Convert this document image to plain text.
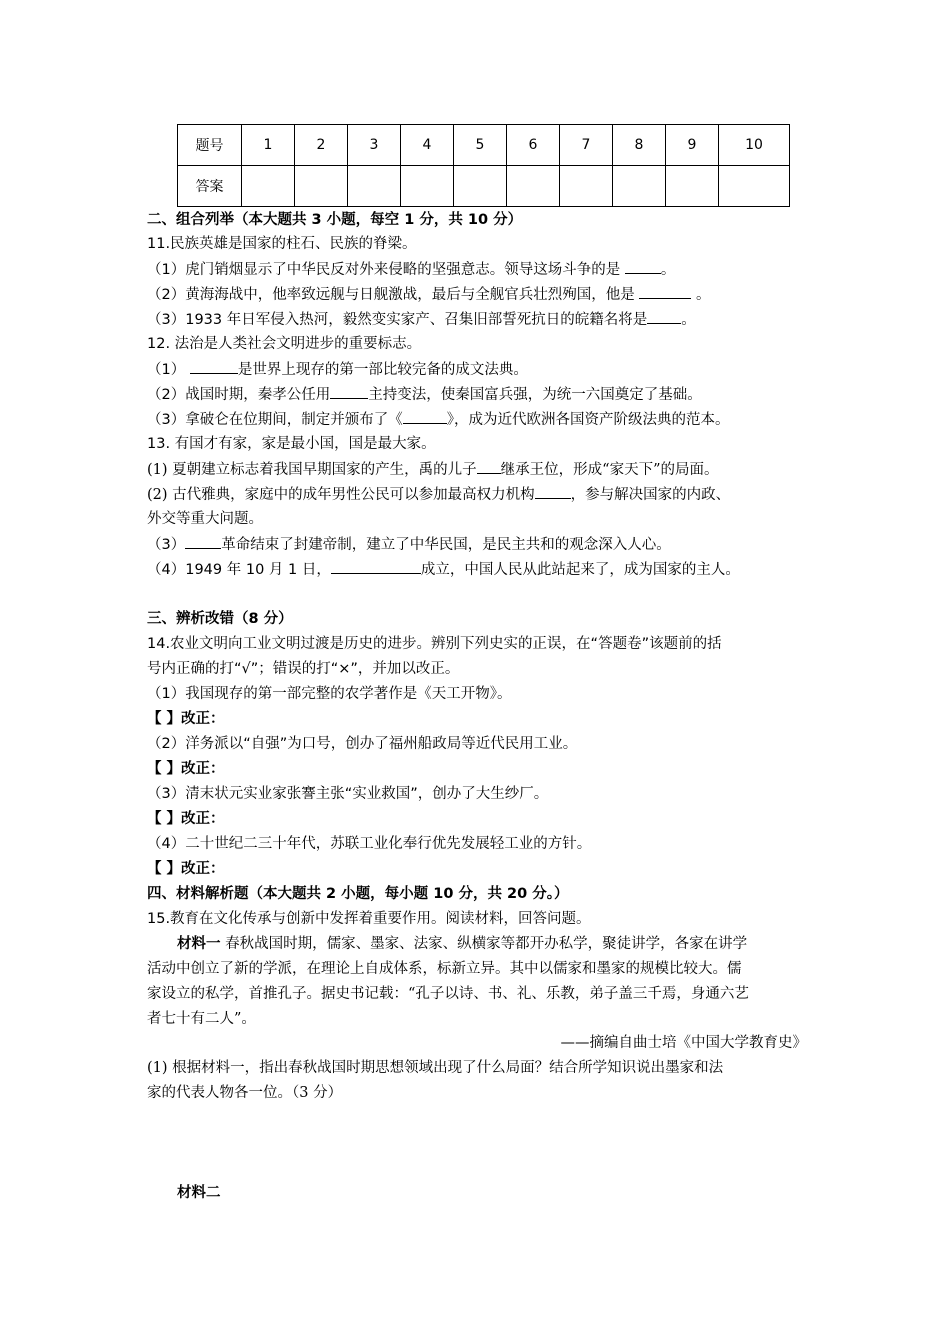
题号	1	2	3	4	5	6	7	8	9	10
答案										
二、组合列举（本大题共 3 小题，每空 1 分，共 10 分）
11.民族英雄是国家的柱石、民族的脊梁。
（1）虎门销烟显示了中华民反对外来侵略的坚强意志。领导这场斗争的是 。
（2）黄海海战中，他率致远舰与日舰激战，最后与全舰官兵壮烈殉国，他是	。
（3）1933 年日军侵入热河，毅然变实家产、召集旧部誓死抗日的皖籍名将是 。
12. 法治是人类社会文明进步的重要标志。
（1）	是世界上现存的第一部比较完备的成文法典。
（2）战国时期，秦孝公任用	主持变法，使秦国富兵强，为统一六国奠定了基础。
（3）拿破仑在位期间，制定并颁布了《	》，成为近代欧洲各国资产阶级法典的范本。
13. 有国才有家，家是最小国，国是最大家。
(1) 夏朝建立标志着我国早期国家的产生，禹的儿子 继承王位，形成“家天下”的局面。
(2) 古代雅典，家庭中的成年男性公民可以参加最高权力机构 ，参与解决国家的内政、
外交等重大问题。
（3） 革命结束了封建帝制，建立了中华民国，是民主共和的观念深入人心。
（4）1949 年 10 月 1 日，	成立，中国人民从此站起来了，成为国家的主人。
三、辨析改错（8 分）
14.农业文明向工业文明过渡是历史的进步。辨别下列史实的正误，在“答题卷”该题前的括
号内正确的打“√”；错误的打“×”，并加以改正。
（1）我国现存的第一部完整的农学著作是《天工开物》。
【 】改正：
（2）洋务派以“自强”为口号，创办了福州船政局等近代民用工业。
【 】改正：
（3）清末状元实业家张謇主张“实业救国”，创办了大生纱厂。
【 】改正：
（4）二十世纪二三十年代，苏联工业化奉行优先发展轻工业的方针。
【 】改正：
四、材料解析题（本大题共 2 小题，每小题 10 分，共 20 分。）
15.教育在文化传承与创新中发挥着重要作用。阅读材料，回答问题。
材料一 春秋战国时期，儒家、墨家、法家、纵横家等都开办私学，聚徒讲学，各家在讲学
活动中创立了新的学派，在理论上自成体系，标新立异。其中以儒家和墨家的规模比较大。儒
家设立的私学，首推孔子。据史书记载：“孔子以诗、书、礼、乐教，弟子盖三千焉，身通六艺
者七十有二人”。
——摘编自曲士培《中国大学教育史》
(1) 根据材料一，指出春秋战国时期思想领域出现了什么局面？结合所学知识说出墨家和法
家的代表人物各一位。（3 分）
材料二
